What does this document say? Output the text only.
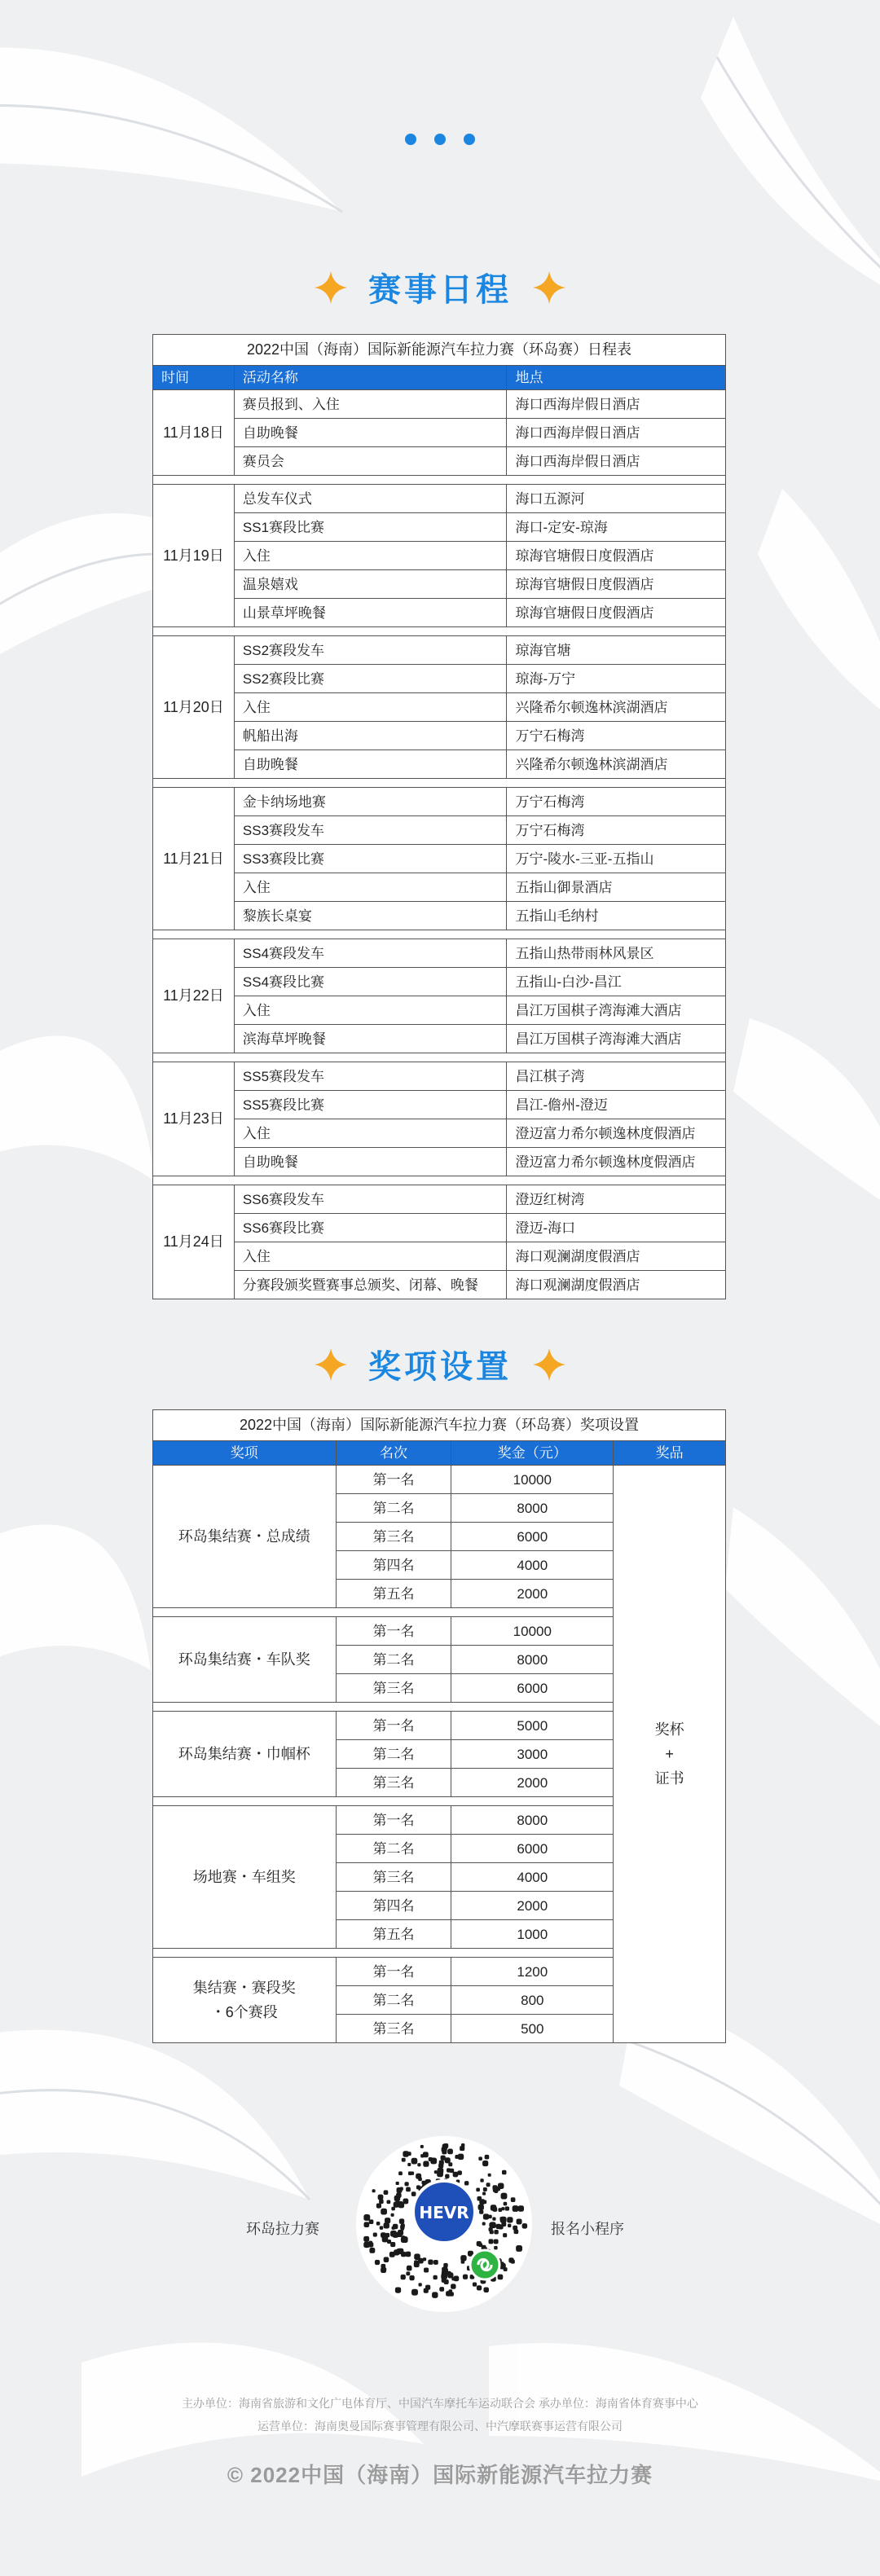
赛事日程
2022中国（海南）国际新能源汽车拉力赛（环岛赛）日程表		
时间	活动名称	地点
11月18日	赛员报到、入住	海口西海岸假日酒店
	自助晚餐	海口西海岸假日酒店
	赛员会	海口西海岸假日酒店

11月19日	总发车仪式	海口五源河
	SS1赛段比赛	海口-定安-琼海
	入住	琼海官塘假日度假酒店
	温泉嬉戏	琼海官塘假日度假酒店
	山景草坪晚餐	琼海官塘假日度假酒店

11月20日	SS2赛段发车	琼海官塘
	SS2赛段比赛	琼海-万宁
	入住	兴隆希尔顿逸林滨湖酒店
	帆船出海	万宁石梅湾
	自助晚餐	兴隆希尔顿逸林滨湖酒店

11月21日	金卡纳场地赛	万宁石梅湾
	SS3赛段发车	万宁石梅湾
	SS3赛段比赛	万宁-陵水-三亚-五指山
	入住	五指山御景酒店
	黎族长桌宴	五指山毛纳村

11月22日	SS4赛段发车	五指山热带雨林风景区
	SS4赛段比赛	五指山-白沙-昌江
	入住	昌江万国棋子湾海滩大酒店
	滨海草坪晚餐	昌江万国棋子湾海滩大酒店

11月23日	SS5赛段发车	昌江棋子湾
	SS5赛段比赛	昌江-儋州-澄迈
	入住	澄迈富力希尔顿逸林度假酒店
	自助晚餐	澄迈富力希尔顿逸林度假酒店

11月24日	SS6赛段发车	澄迈红树湾
	SS6赛段比赛	澄迈-海口
	入住	海口观澜湖度假酒店
	分赛段颁奖暨赛事总颁奖、闭幕、晚餐	海口观澜湖度假酒店
奖项设置
2022中国（海南）国际新能源汽车拉力赛（环岛赛）奖项设置			
奖项	名次	奖金（元）	奖品

环岛集结赛・总成绩	第一名	10000	奖杯
+
证书

	第二名	8000	
	第三名	6000	
	第四名	4000	
	第五名	2000	

环岛集结赛・车队奖	第一名	10000	
	第二名	8000	
	第三名	6000	

环岛集结赛・巾帼杯	第一名	5000	
	第二名	3000	
	第三名	2000	

场地赛・车组奖	第一名	8000	
	第二名	6000	
	第三名	4000	
	第四名	2000	
	第五名	1000	

集结赛・赛段奖
・6个赛段	第一名	1200	
	第二名	800	
	第三名	500	
环岛拉力赛
HEVR
报名小程序
主办单位：海南省旅游和文化广电体育厅、中国汽车摩托车运动联合会 承办单位：海南省体育赛事中心
运营单位：海南奥曼国际赛事管理有限公司、中汽摩联赛事运营有限公司
© 2022中国（海南）国际新能源汽车拉力赛
